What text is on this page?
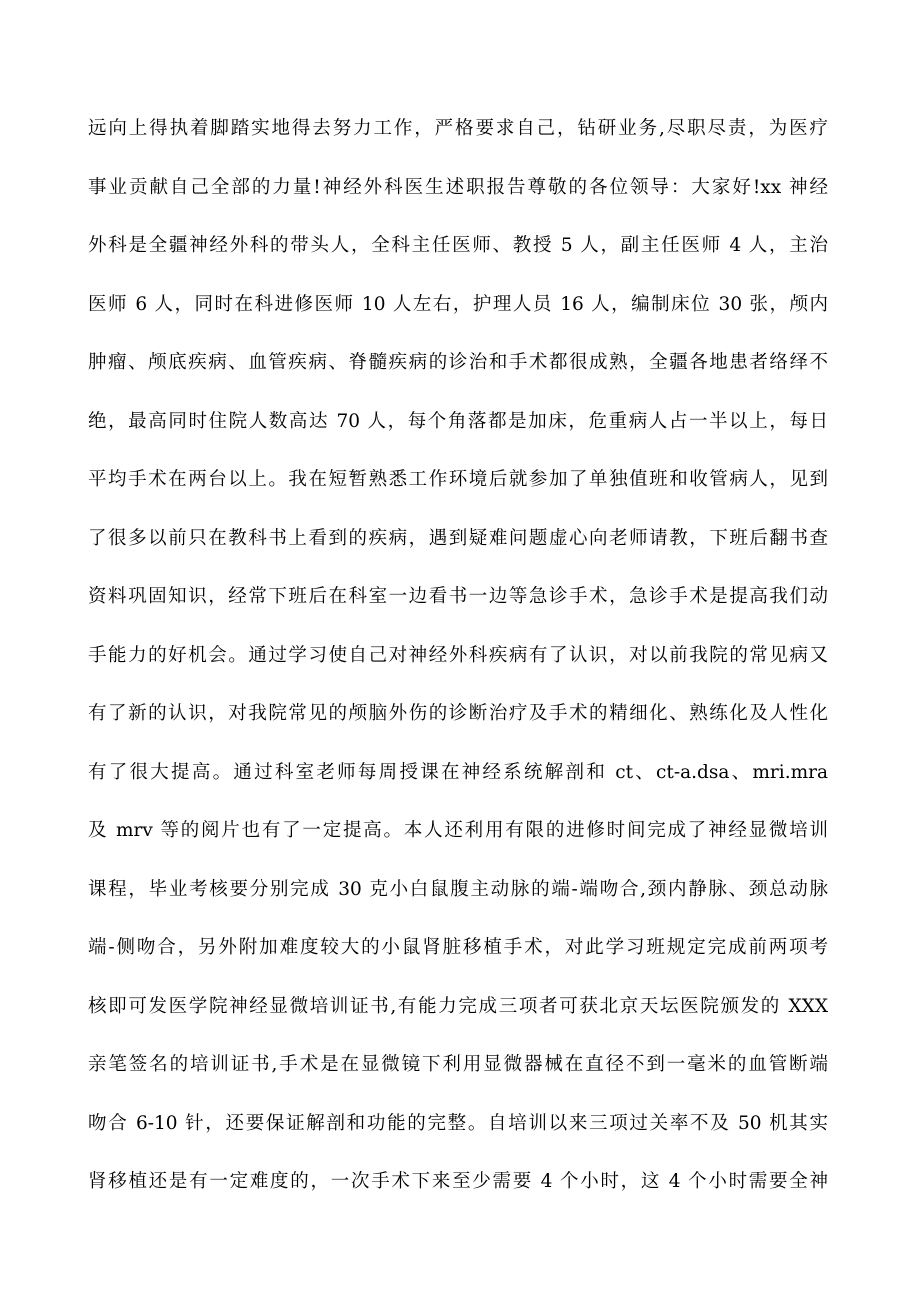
远向上得执着脚踏实地得去努力工作，严格要求自己，钻研业务,尽职尽责，为医疗
事业贡献自己全部的力量!神经外科医生述职报告尊敬的各位领导：大家好!xx 神经
外科是全疆神经外科的带头人，全科主任医师、教授 5 人，副主任医师 4 人，主治
医师 6 人，同时在科进修医师 10 人左右，护理人员 16 人，编制床位 30 张，颅内
肿瘤、颅底疾病、血管疾病、脊髓疾病的诊治和手术都很成熟，全疆各地患者络绎不
绝，最高同时住院人数高达 70 人，每个角落都是加床，危重病人占一半以上，每日
平均手术在两台以上。我在短暂熟悉工作环境后就参加了单独值班和收管病人，见到
了很多以前只在教科书上看到的疾病，遇到疑难问题虚心向老师请教，下班后翻书查
资料巩固知识，经常下班后在科室一边看书一边等急诊手术，急诊手术是提高我们动
手能力的好机会。通过学习使自己对神经外科疾病有了认识，对以前我院的常见病又
有了新的认识，对我院常见的颅脑外伤的诊断治疗及手术的精细化、熟练化及人性化
有了很大提高。通过科室老师每周授课在神经系统解剖和 ct、ct-a.dsa、mri.mra
及 mrv 等的阅片也有了一定提高。本人还利用有限的进修时间完成了神经显微培训
课程，毕业考核要分别完成 30 克小白鼠腹主动脉的端-端吻合,颈内静脉、颈总动脉
端-侧吻合，另外附加难度较大的小鼠肾脏移植手术，对此学习班规定完成前两项考
核即可发医学院神经显微培训证书,有能力完成三项者可获北京天坛医院颁发的 XXX
亲笔签名的培训证书,手术是在显微镜下利用显微器械在直径不到一毫米的血管断端
吻合 6-10 针，还要保证解剖和功能的完整。自培训以来三项过关率不及 50 机其实
肾移植还是有一定难度的，一次手术下来至少需要 4 个小时，这 4 个小时需要全神
